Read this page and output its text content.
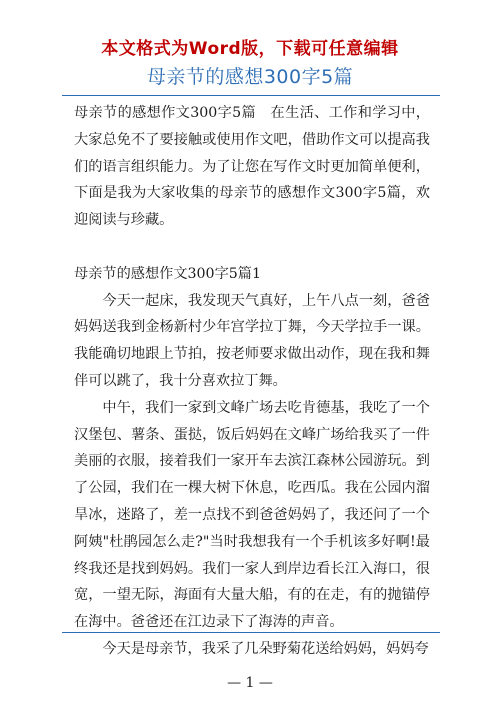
本文格式为Word版，下载可任意编辑
母亲节的感想300字5篇

母亲节的感想作文300字5篇　在生活、工作和学习中，大家总免不了要接触或使用作文吧，借助作文可以提高我们的语言组织能力。为了让您在写作文时更加简单便利，下面是我为大家收集的母亲节的感想作文300字5篇，欢迎阅读与珍藏。

母亲节的感想作文300字5篇1

今天一起床，我发现天气真好，上午八点一刻，爸爸妈妈送我到金杨新村少年宫学拉丁舞，今天学拉手一课。我能确切地跟上节拍，按老师要求做出动作，现在我和舞伴可以跳了，我十分喜欢拉丁舞。

中午，我们一家到文峰广场去吃肯德基，我吃了一个汉堡包、薯条、蛋挞，饭后妈妈在文峰广场给我买了一件美丽的衣服，接着我们一家开车去滨江森林公园游玩。到了公园，我们在一棵大树下休息，吃西瓜。我在公园内溜旱冰，迷路了，差一点找不到爸爸妈妈了，我还问了一个阿姨"杜鹃园怎么走?"当时我想我有一个手机该多好啊!最终我还是找到妈妈。我们一家人到岸边看长江入海口，很宽，一望无际，海面有大量大船，有的在走，有的抛锚停在海中。爸爸还在江边录下了海涛的声音。

今天是母亲节，我采了几朵野菊花送给妈妈，妈妈夸

— 1 —
